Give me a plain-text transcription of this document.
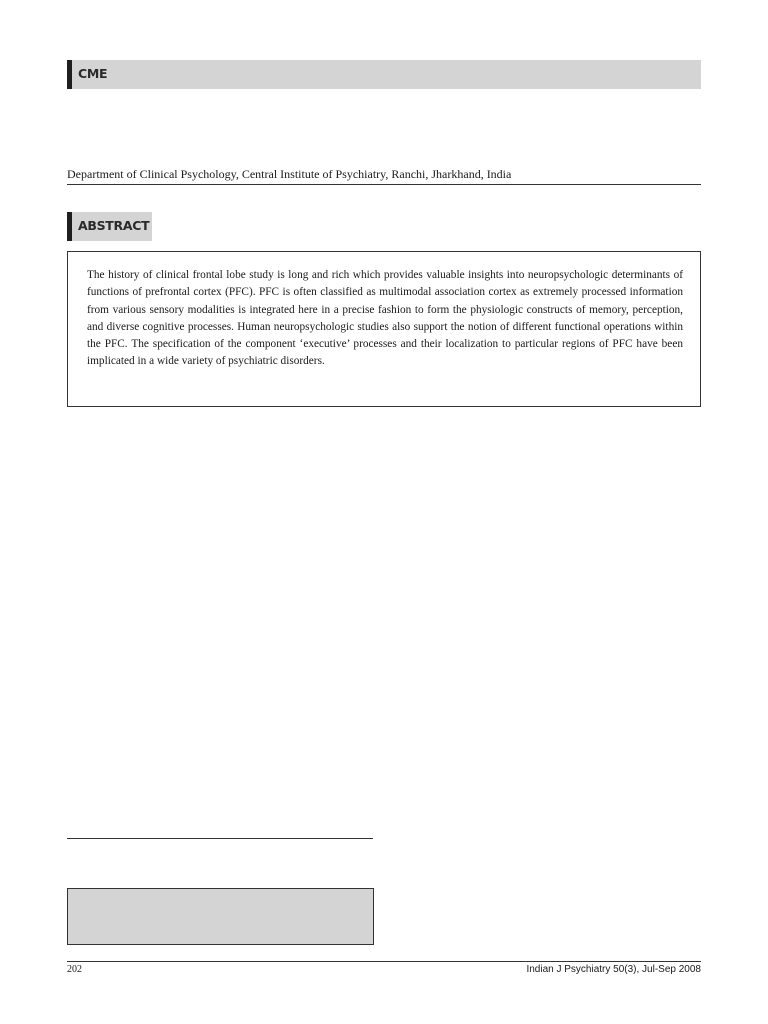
CME
Department of Clinical Psychology, Central Institute of Psychiatry, Ranchi, Jharkhand, India
ABSTRACT
The history of clinical frontal lobe study is long and rich which provides valuable insights into neuropsychologic determinants of functions of prefrontal cortex (PFC). PFC is often classified as multimodal association cortex as extremely processed information from various sensory modalities is integrated here in a precise fashion to form the physiologic constructs of memory, perception, and diverse cognitive processes. Human neuropsychologic studies also support the notion of different functional operations within the PFC. The specification of the component ‘executive’ processes and their localization to particular regions of PFC have been implicated in a wide variety of psychiatric disorders.
202	Indian J Psychiatry 50(3), Jul-Sep 2008
